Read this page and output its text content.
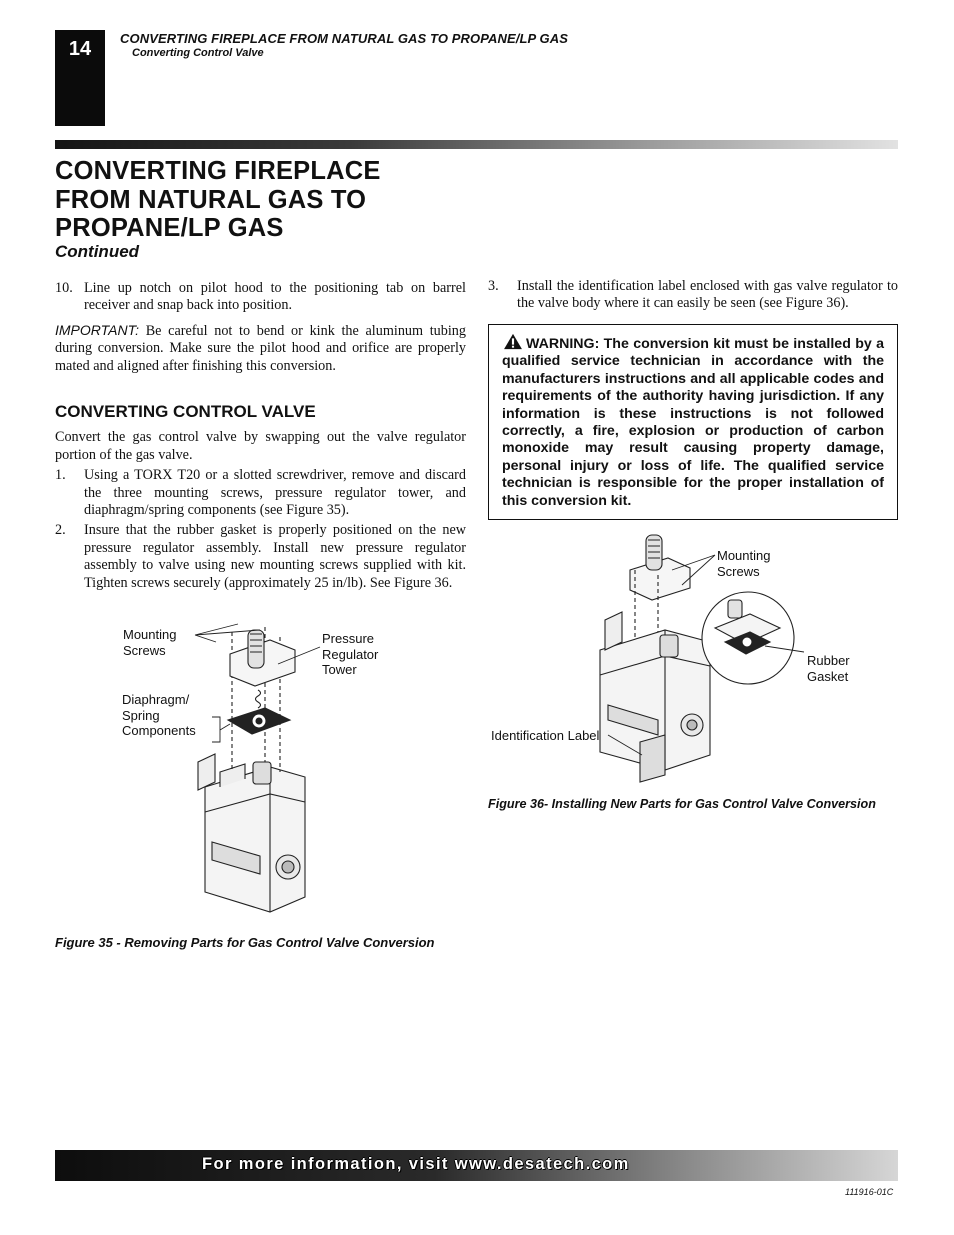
14	CONVERTING FIREPLACE FROM NATURAL GAS TO PROPANE/LP GAS
Converting Control Valve
CONVERTING FIREPLACE
FROM NATURAL GAS TO
PROPANE/LP GAS
Continued
10. Line up notch on pilot hood to the positioning tab on barrel receiver and snap back into position.

IMPORTANT: Be careful not to bend or kink the aluminum tubing during conversion. Make sure the pilot hood and orifice are properly mated and aligned after finishing this conversion.

CONVERTING CONTROL VALVE

Convert the gas control valve by swapping out the valve regulator portion of the gas valve.

1.	Using a TORX T20 or a slotted screwdriver, remove and discard the three mounting screws, pressure regulator tower, and diaphragm/spring components (see Figure 35).
2.	Insure that the rubber gasket is properly positioned on the new pressure regulator assembly. Install new pressure regulator assembly to valve using new mounting screws supplied with kit. Tighten screws securely (approximately 25 in/lb). See Figure 36.
3.	Install the identification label enclosed with gas valve regulator to the valve body where it can easily be seen (see Figure 36).
WARNING: The conversion kit must be installed by a qualified service technician in accordance with the manufacturers instructions and all applicable codes and requirements of the authority having jurisdiction. If any information is these instructions is not followed correctly, a fire, explosion or production of carbon monoxide may result causing property damage, personal injury or loss of life. The qualified service technician is responsible for the proper installation of this conversion kit.
Mounting
Screws
Pressure
Regulator
Tower
Diaphragm/
Spring
Components
Figure 35 - Removing Parts for Gas Control Valve Conversion
Mounting
Screws
Rubber
Gasket
Identification Label
Figure 36- Installing New Parts for Gas Control Valve Conversion
For more information, visit www.desatech.com
111916-01C
